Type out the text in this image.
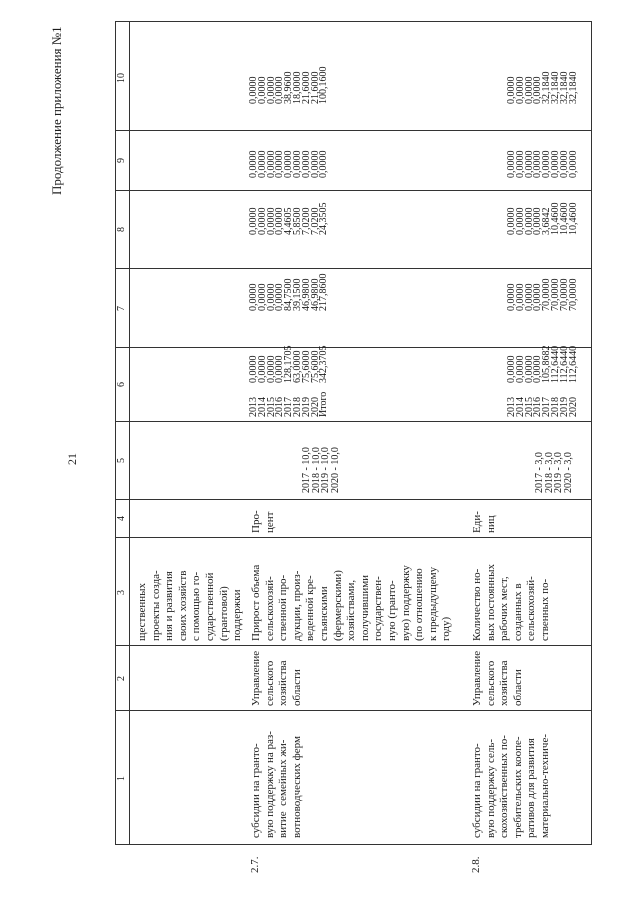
21
Продолжение приложения №1
1
2
3
4
5
6
7
8
9
10
щественных
проекты созда-
ния и развития
своих хозяйств
с помощью го-
сударственной
(грантовой)
поддержки
2.7.
субсидии на гранто-
вую поддержку на раз-
витие  семейных жи-
вотноводческих ферм
Управление
сельского
хозяйства
области
Прирост объема
сельскохозяй-
ственной про-
дукции, произ-
веденной кре-
стьянскими
(фермерскими)
хозяйствами,
получившими
государствен-
ную (гранто-
вую) поддержку
(по отношению
к предыдущему
году)
Про-
цент
2017 - 10,0
2018 - 10,0
2019 - 10,0
2020 - 10,0
2013
2014
2015
2016
2017
2018
2019
2020
Итого
0,0000
0,0000
0,0000
0,0000
128,1705
63,0000
75,6000
75,6000
342,3705
0,0000
0,0000
0,0000
0,0000
84,7500
39,1500
46,9800
46,9800
217,8600
0,0000
0,0000
0,0000
0,0000
4,4605
5,8500
7,0200
7,0200
24,3505
0,0000
0,0000
0,0000
0,0000
0,0000
0,0000
0,0000
0,0000
0,0000
0,0000
0,0000
0,0000
0,0000
38,9600
18,0000
21,6000
21,6000
100,1600
2.8.
субсидии на гранто-
вую поддержку сель-
скохозяйственных по-
требительских коопе-
ративов для развития
материально-техниче-
Управление
сельского
хозяйства
области
Количество но-
вых постоянных
рабочих мест,
созданных в
сельскохозяй-
ственных по-
Еди-
ниц
2017 - 3,0
2018 - 3,0
2019 - 3,0
2020 - 3,0
2013
2014
2015
2016
2017
2018
2019
2020
0,0000
0,0000
0,0000
0,0000
105,8682
112,6440
112,6440
112,6440
0,0000
0,0000
0,0000
0,0000
70,0000
70,0000
70,0000
70,0000
0,0000
0,0000
0,0000
0,0000
3,6842
10,4600
10,4600
10,4600
0,0000
0,0000
0,0000
0,0000
0,0000
0,0000
0,0000
0,0000
0,0000
0,0000
0,0000
0,0000
32,1840
32,1840
32,1840
32,1840
